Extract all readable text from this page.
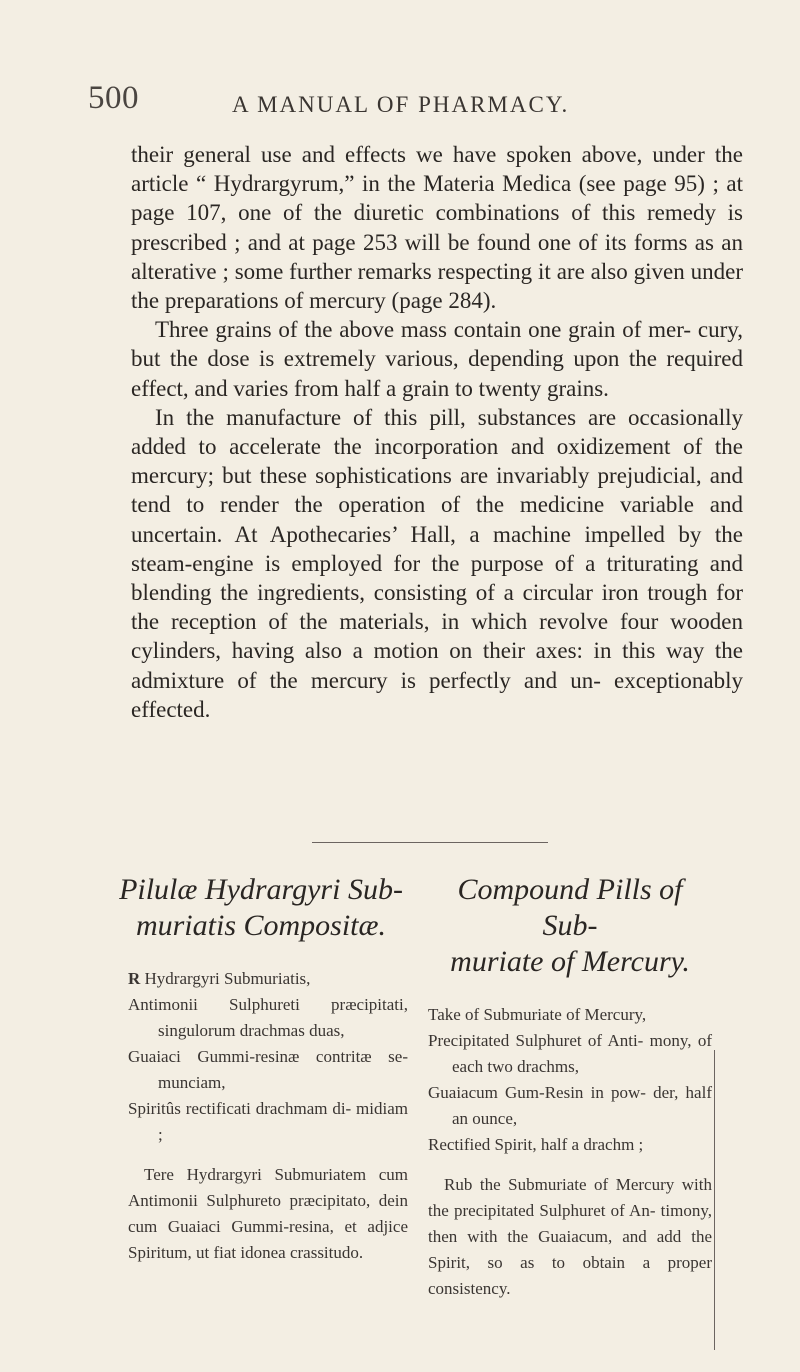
500	A MANUAL OF PHARMACY.

their general use and effects we have spoken above, under the article “ Hydrargyrum,” in the Materia Medica (see page 95) ; at page 107, one of the diuretic combinations of this remedy is prescribed ; and at page 253 will be found one of its forms as an alterative ; some further remarks respecting it are also given under the preparations of mercury (page 284).

Three grains of the above mass contain one grain of mer- cury, but the dose is extremely various, depending upon the required effect, and varies from half a grain to twenty grains.

In the manufacture of this pill, substances are occasionally added to accelerate the incorporation and oxidizement of the mercury; but these sophistications are invariably prejudicial, and tend to render the operation of the medicine variable and uncertain. At Apothecaries’ Hall, a machine impelled by the steam-engine is employed for the purpose of a triturating and blending the ingredients, consisting of a circular iron trough for the reception of the materials, in which revolve four wooden cylinders, having also a motion on their axes: in this way the admixture of the mercury is perfectly and un- exceptionably effected.

Pilulæ Hydrargyri Sub-
muriatis Compositæ.
R Hydrargyri Submuriatis,
Antimonii Sulphureti præcipitati, singulorum drachmas duas,
Guaiaci Gummi-resinæ contritæ se- munciam,
Spiritûs rectificati drachmam di- midiam ;
Tere Hydrargyri Submuriatem cum Antimonii Sulphureto præcipitato, dein cum Guaiaci Gummi-resina, et adjice Spiritum, ut fiat idonea crassitudo.
Compound Pills of Sub-
muriate of Mercury.
Take of Submuriate of Mercury,
Precipitated Sulphuret of Anti- mony, of each two drachms,
Guaiacum Gum-Resin in pow- der, half an ounce,
Rectified Spirit, half a drachm ;
Rub the Submuriate of Mercury with the precipitated Sulphuret of An- timony, then with the Guaiacum, and add the Spirit, so as to obtain a proper consistency.
